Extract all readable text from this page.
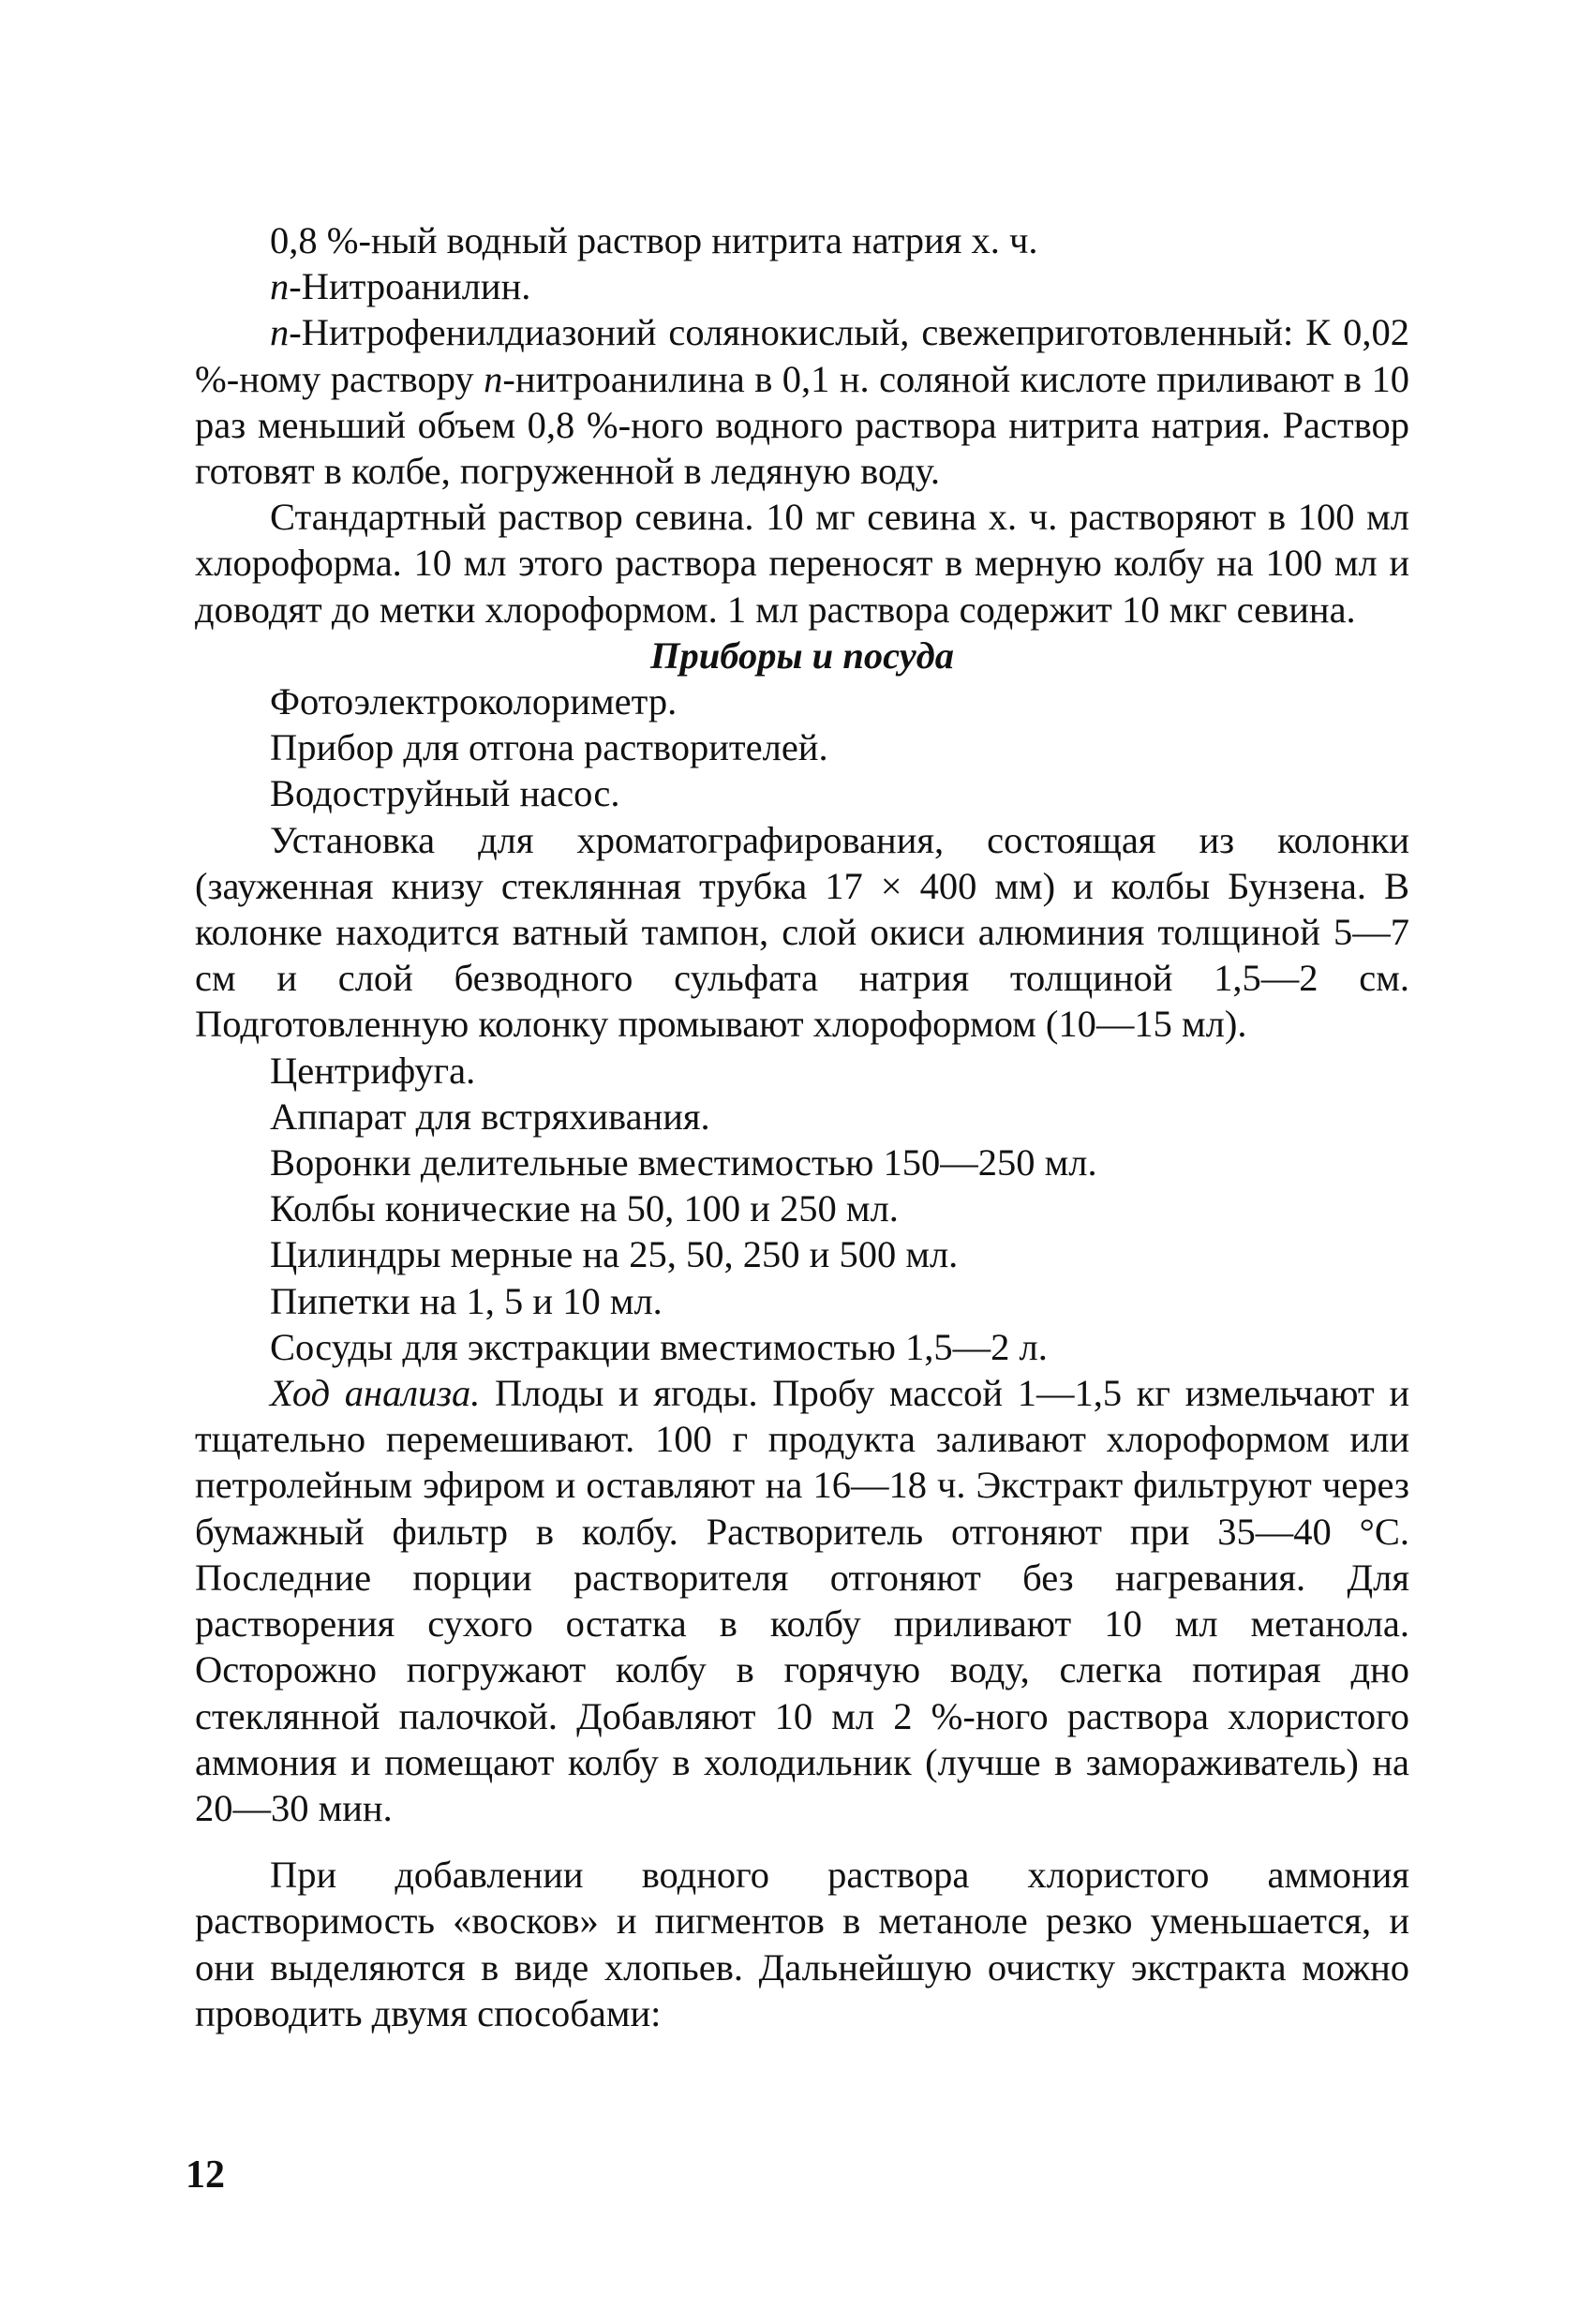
0,8 %-ный водный раствор нитрита натрия х. ч.

п-Нитроанилин.

п-Нитрофенилдиазоний солянокислый, свежеприготовленный: К 0,02 %-ному раствору п-нитроанилина в 0,1 н. соляной кислоте приливают в 10 раз меньший объем 0,8 %-ного водного раствора нитрита натрия. Раствор готовят в колбе, погруженной в ледяную воду.

Стандартный раствор севина. 10 мг севина х. ч. растворяют в 100 мл хлороформа. 10 мл этого раствора переносят в мерную колбу на 100 мл и доводят до метки хлороформом. 1 мл раствора содержит 10 мкг севина.

Приборы и посуда

Фотоэлектроколориметр.

Прибор для отгона растворителей.

Водоструйный насос.

Установка для хроматографирования, состоящая из колонки (зауженная книзу стеклянная трубка 17 × 400 мм) и колбы Бунзена. В колонке находится ватный тампон, слой окиси алюминия толщиной 5—7 см и слой безводного сульфата натрия толщиной 1,5—2 см. Подготовленную колонку промывают хлороформом (10—15 мл).

Центрифуга.

Аппарат для встряхивания.

Воронки делительные вместимостью 150—250 мл.

Колбы конические на 50, 100 и 250 мл.

Цилиндры мерные на 25, 50, 250 и 500 мл.

Пипетки на 1, 5 и 10 мл.

Сосуды для экстракции вместимостью 1,5—2 л.

Ход анализа. Плоды и ягоды. Пробу массой 1—1,5 кг измельчают и тщательно перемешивают. 100 г продукта заливают хлороформом или петролейным эфиром и оставляют на 16—18 ч. Экстракт фильтруют через бумажный фильтр в колбу. Растворитель отгоняют при 35—40 °С. Последние порции растворителя отгоняют без нагревания. Для растворения сухого остатка в колбу приливают 10 мл метанола. Осторожно погружают колбу в горячую воду, слегка потирая дно стеклянной палочкой. Добавляют 10 мл 2 %-ного раствора хлористого аммония и помещают колбу в холодильник (лучше в замораживатель) на 20—30 мин.

При добавлении водного раствора хлористого аммония растворимость «восков» и пигментов в метаноле резко уменьшается, и они выделяются в виде хлопьев. Дальнейшую очистку экстракта можно проводить двумя способами:

12
